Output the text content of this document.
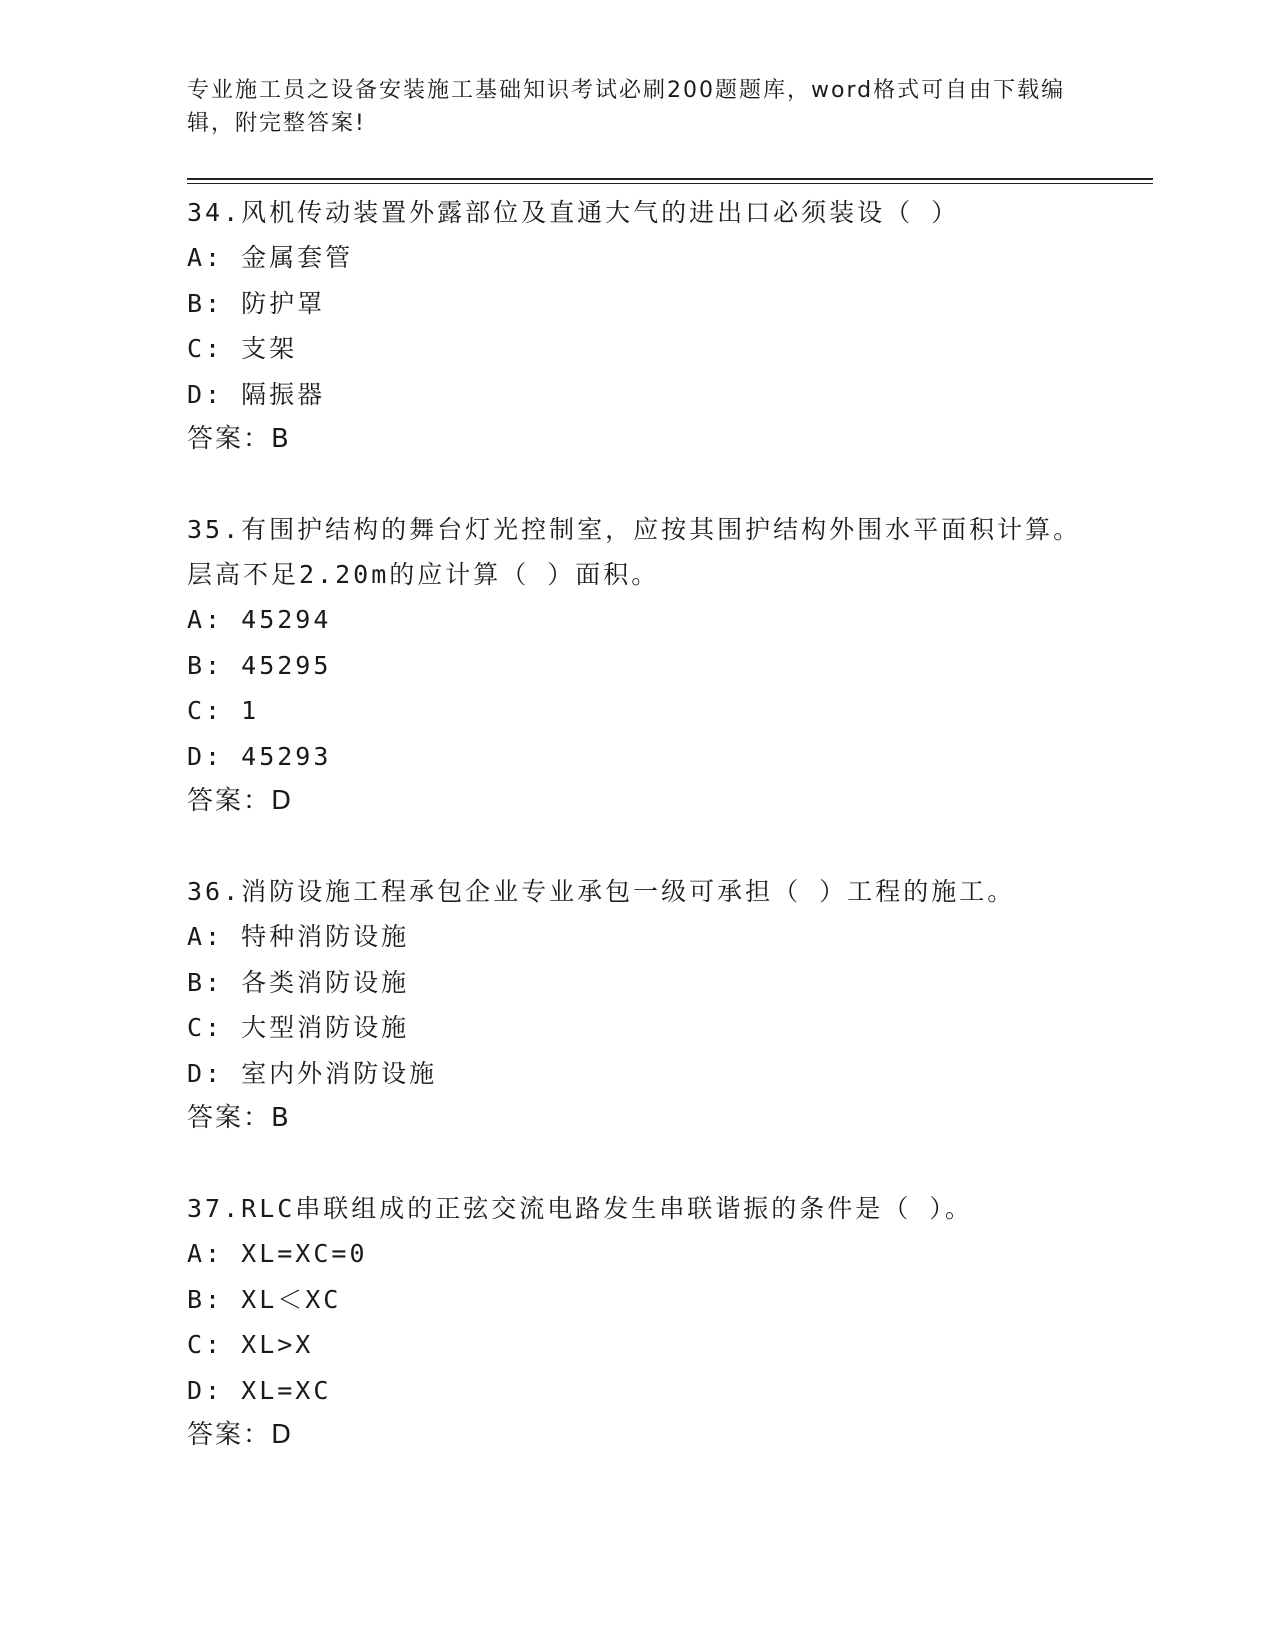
专业施工员之设备安装施工基础知识考试必刷200题题库，word格式可自由下载编辑，附完整答案!
34.风机传动装置外露部位及直通大气的进出口必须装设（ ）
A: 金属套管
B: 防护罩
C: 支架
D: 隔振器
答案：B
35.有围护结构的舞台灯光控制室，应按其围护结构外围水平面积计算。层高不足2.20m的应计算（ ）面积。
A: 45294
B: 45295
C: 1
D: 45293
答案：D
36.消防设施工程承包企业专业承包一级可承担（ ）工程的施工。
A: 特种消防设施
B: 各类消防设施
C: 大型消防设施
D: 室内外消防设施
答案：B
37.RLC串联组成的正弦交流电路发生串联谐振的条件是（ ）。
A: XL=XC=0
B: XL＜XC
C: XL>X
D: XL=XC
答案：D
